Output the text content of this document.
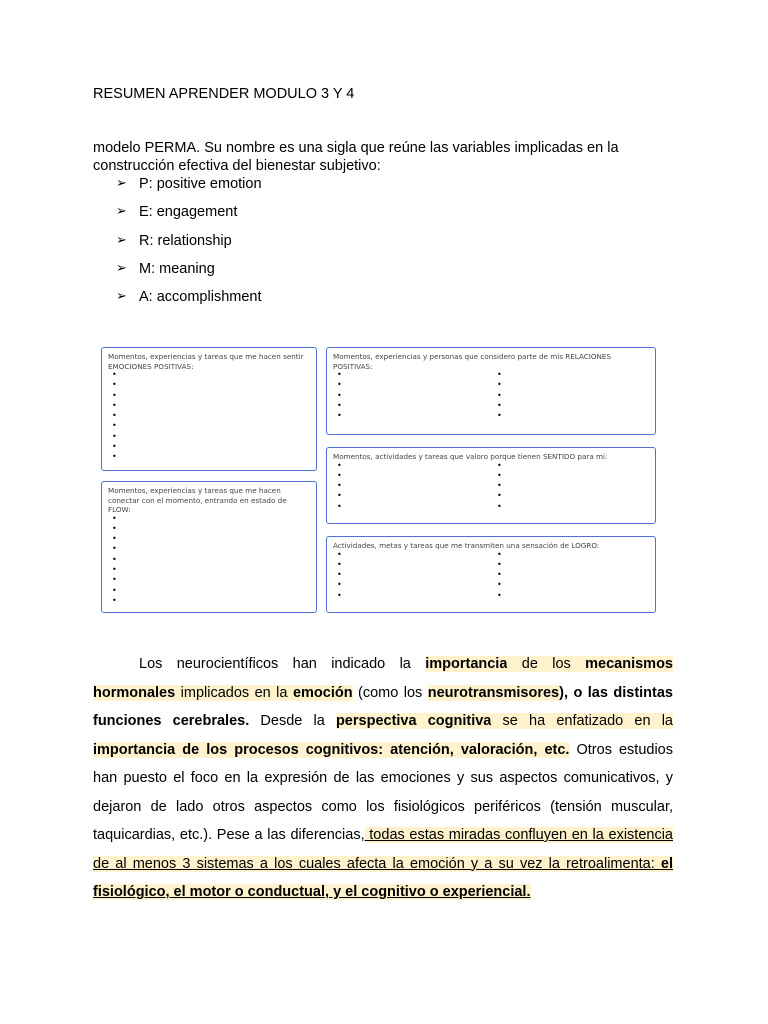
RESUMEN APRENDER MODULO 3 Y 4
modelo PERMA. Su nombre es una sigla que reúne las variables implicadas en la construcción efectiva del bienestar subjetivo:
➢ P: positive emotion
➢ E: engagement
➢ R: relationship
➢ M: meaning
➢ A: accomplishment
Momentos, experiencias y tareas que me hacen sentir EMOCIONES POSITIVAS:
•
•
•
•
•
•
•
•
•
Momentos, experiencias y tareas que me hacen conectar con el momento, entrando en estado de FLOW:
•
•
•
•
•
•
•
•
•
Momentos, experiencias y personas que considero parte de mis RELACIONES POSITIVAS:
•
•
•
•
•
•
•
•
•
•
Momentos, actividades y tareas que valoro porque tienen SENTIDO para mi:
•
•
•
•
•
•
•
•
•
•
Actividades, metas y tareas que me transmiten una sensación de LOGRO:
•
•
•
•
•
•
•
•
•
•

Los neurocientíficos han indicado la importancia de los mecanismos hormonales implicados en la emoción (como los neurotransmisores), o las distintas funciones cerebrales. Desde la perspectiva cognitiva se ha enfatizado en la importancia de los procesos cognitivos: atención, valoración, etc. Otros estudios han puesto el foco en la expresión de las emociones y sus aspectos comunicativos, y dejaron de lado otros aspectos como los fisiológicos periféricos (tensión muscular, taquicardias, etc.). Pese a las diferencias, todas estas miradas confluyen en la existencia de al menos 3 sistemas a los cuales afecta la emoción y a su vez la retroalimenta: el fisiológico, el motor o conductual, y el cognitivo o experiencial.
